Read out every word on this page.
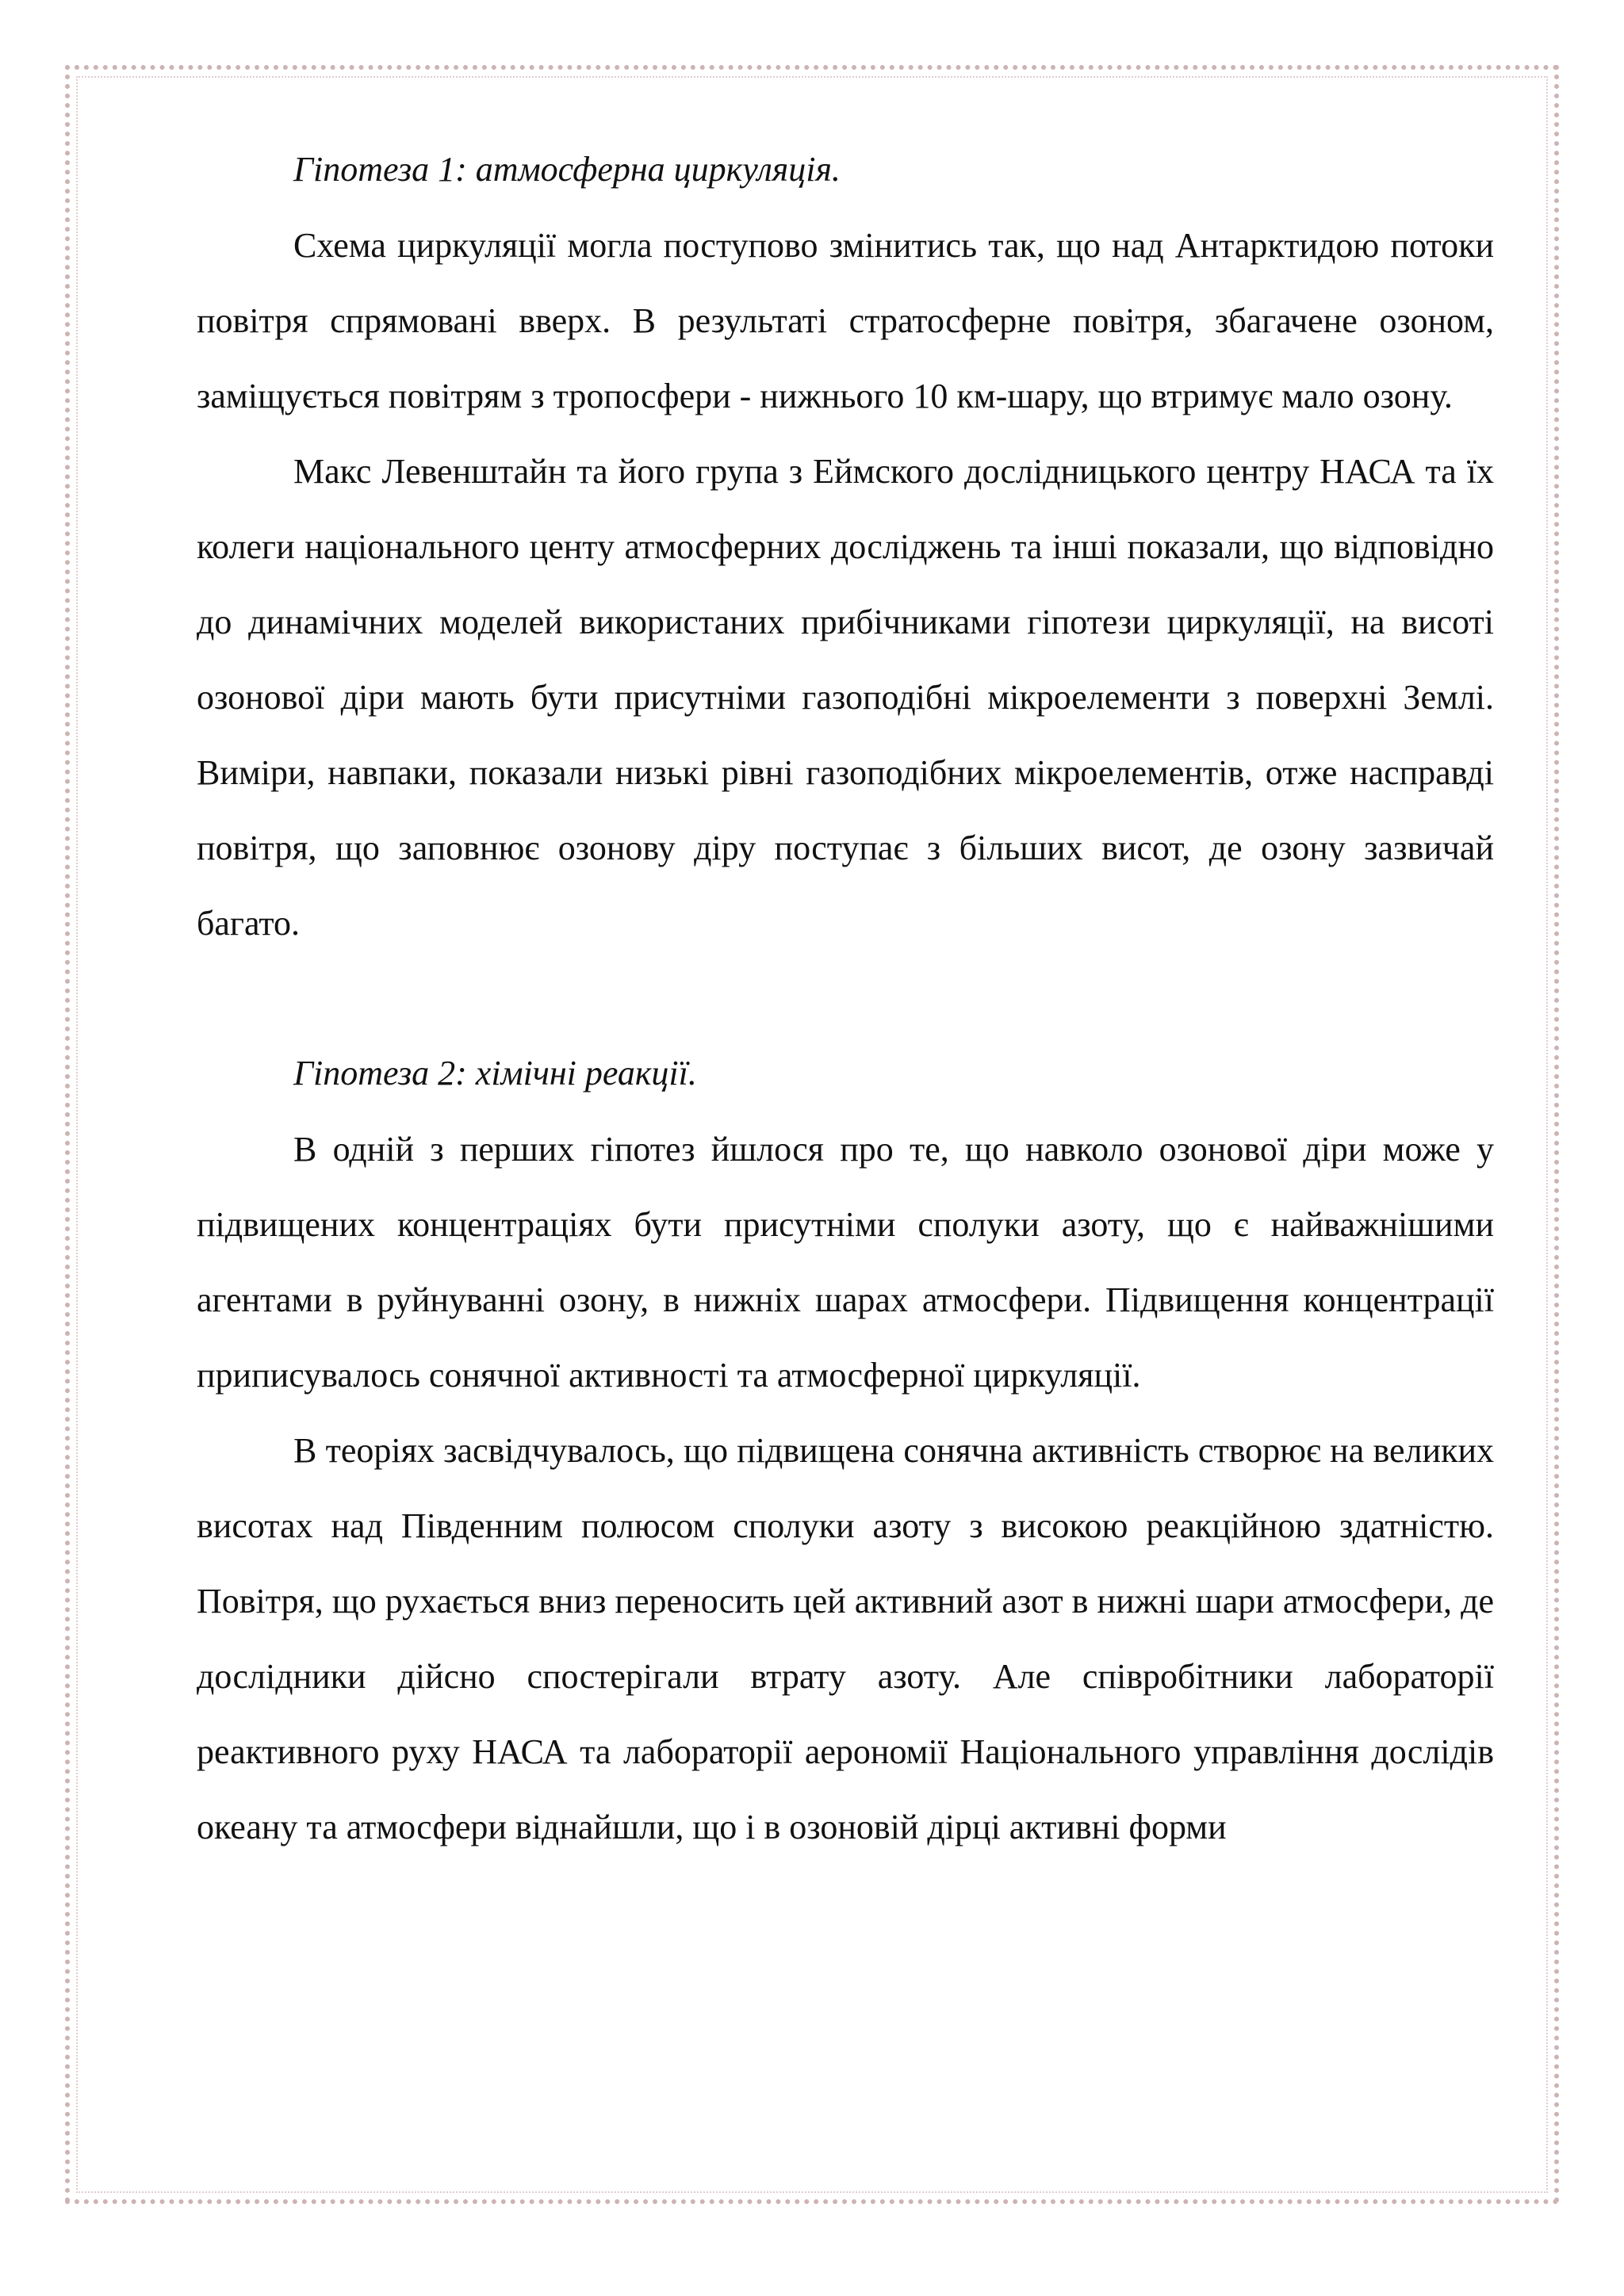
Гіпотеза 1: атмосферна циркуляція.

Схема циркуляції могла поступово змінитись так, що над Антарктидою потоки повітря спрямовані вверх. В результаті стратосферне повітря, збагачене озоном, заміщується повітрям з тропосфери - нижнього 10 км-шару, що втримує мало озону.

Макс Левенштайн та його група з Еймского дослідницького центру НАСА та їх колеги національного центу атмосферних досліджень та інші показали, що відповідно до динамічних моделей використаних прибічниками гіпотези циркуляції, на висоті озонової діри мають бути присутніми газоподібні мікроелементи з поверхні Землі. Виміри, навпаки, показали низькі рівні газоподібних мікроелементів, отже насправді повітря, що заповнює озонову діру поступає з більших висот, де озону зазвичай багато.

Гіпотеза 2: хімічні реакції.

В одній з перших гіпотез йшлося про те, що навколо озонової діри може у підвищених концентраціях бути присутніми сполуки азоту, що є найважнішими агентами в руйнуванні озону, в нижніх шарах атмосфери. Підвищення концентрації приписувалось сонячної активності та атмосферної циркуляції.

В теоріях засвідчувалось, що підвищена сонячна активність створює на великих висотах над Південним полюсом сполуки азоту з високою реакційною здатністю. Повітря, що рухається вниз переносить цей активний азот в нижні шари атмосфери, де дослідники дійсно спостерігали втрату азоту. Але співробітники лабораторії реактивного руху НАСА та лабораторії аерономії Національного управління дослідів океану та атмосфери віднайшли, що і в озоновій дірці активні форми
